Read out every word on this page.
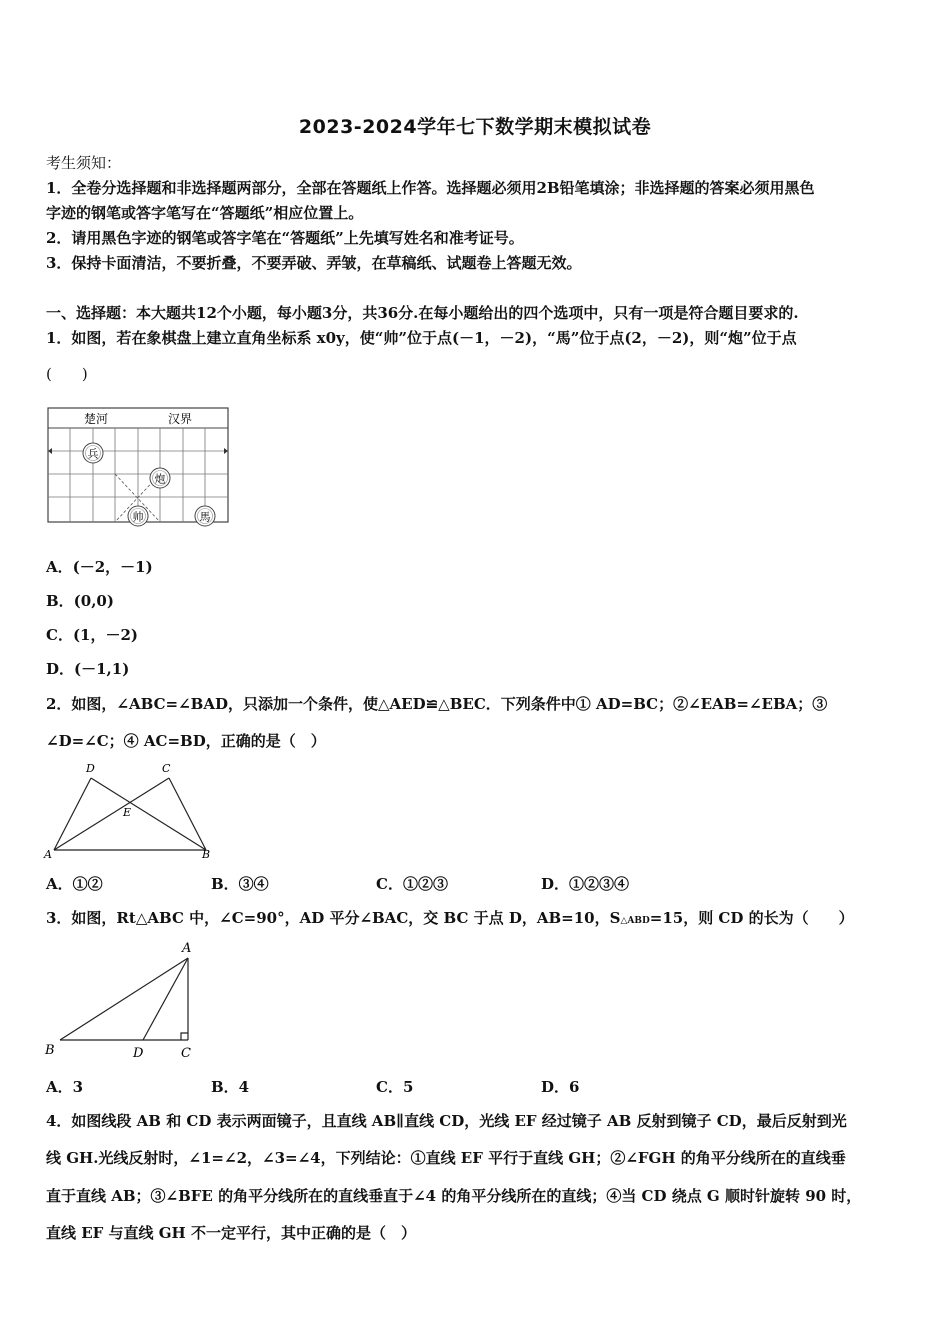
2023-2024学年七下数学期末模拟试卷
考生须知：
1．全卷分选择题和非选择题两部分，全部在答题纸上作答。选择题必须用2B铅笔填涂；非选择题的答案必须用黑色
字迹的钢笔或答字笔写在“答题纸”相应位置上。
2．请用黑色字迹的钢笔或答字笔在“答题纸”上先填写姓名和准考证号。
3．保持卡面清洁，不要折叠，不要弄破、弄皱，在草稿纸、试题卷上答题无效。
一、选择题：本大题共12个小题，每小题3分，共36分.在每小题给出的四个选项中，只有一项是符合题目要求的.
1．如图，若在象棋盘上建立直角坐标系 x0y，使“帅”位于点(－1，－2)，“馬”位于点(2，－2)，则“炮”位于点
(　　)
楚河	汉界
兵
炮
帅	馬
A．(－2，－1)
B．(0,0)
C．(1，－2)
D．(－1,1)
2．如图，∠ABC=∠BAD，只添加一个条件，使△AED≌△BEC．下列条件中① AD=BC；②∠EAB=∠EBA；③
∠D=∠C；④ AC=BD，正确的是（　）
A	B
D	C
E
A．①②	B．③④	C．①②③	D．①②③④
3．如图，Rt△ABC 中，∠C=90°，AD 平分∠BAC，交 BC 于点 D，AB=10，S△ABD=15，则 CD 的长为（　　）
A
B	D	C
A．3	B．4	C．5	D．6
4．如图线段 AB 和 CD 表示两面镜子，且直线 AB∥直线 CD，光线 EF 经过镜子 AB 反射到镜子 CD，最后反射到光
线 GH.光线反射时，∠1=∠2，∠3=∠4，下列结论：①直线 EF 平行于直线 GH；②∠FGH 的角平分线所在的直线垂
直于直线 AB；③∠BFE 的角平分线所在的直线垂直于∠4 的角平分线所在的直线；④当 CD 绕点 G 顺时针旋转 90 时，
直线 EF 与直线 GH 不一定平行，其中正确的是（　）
